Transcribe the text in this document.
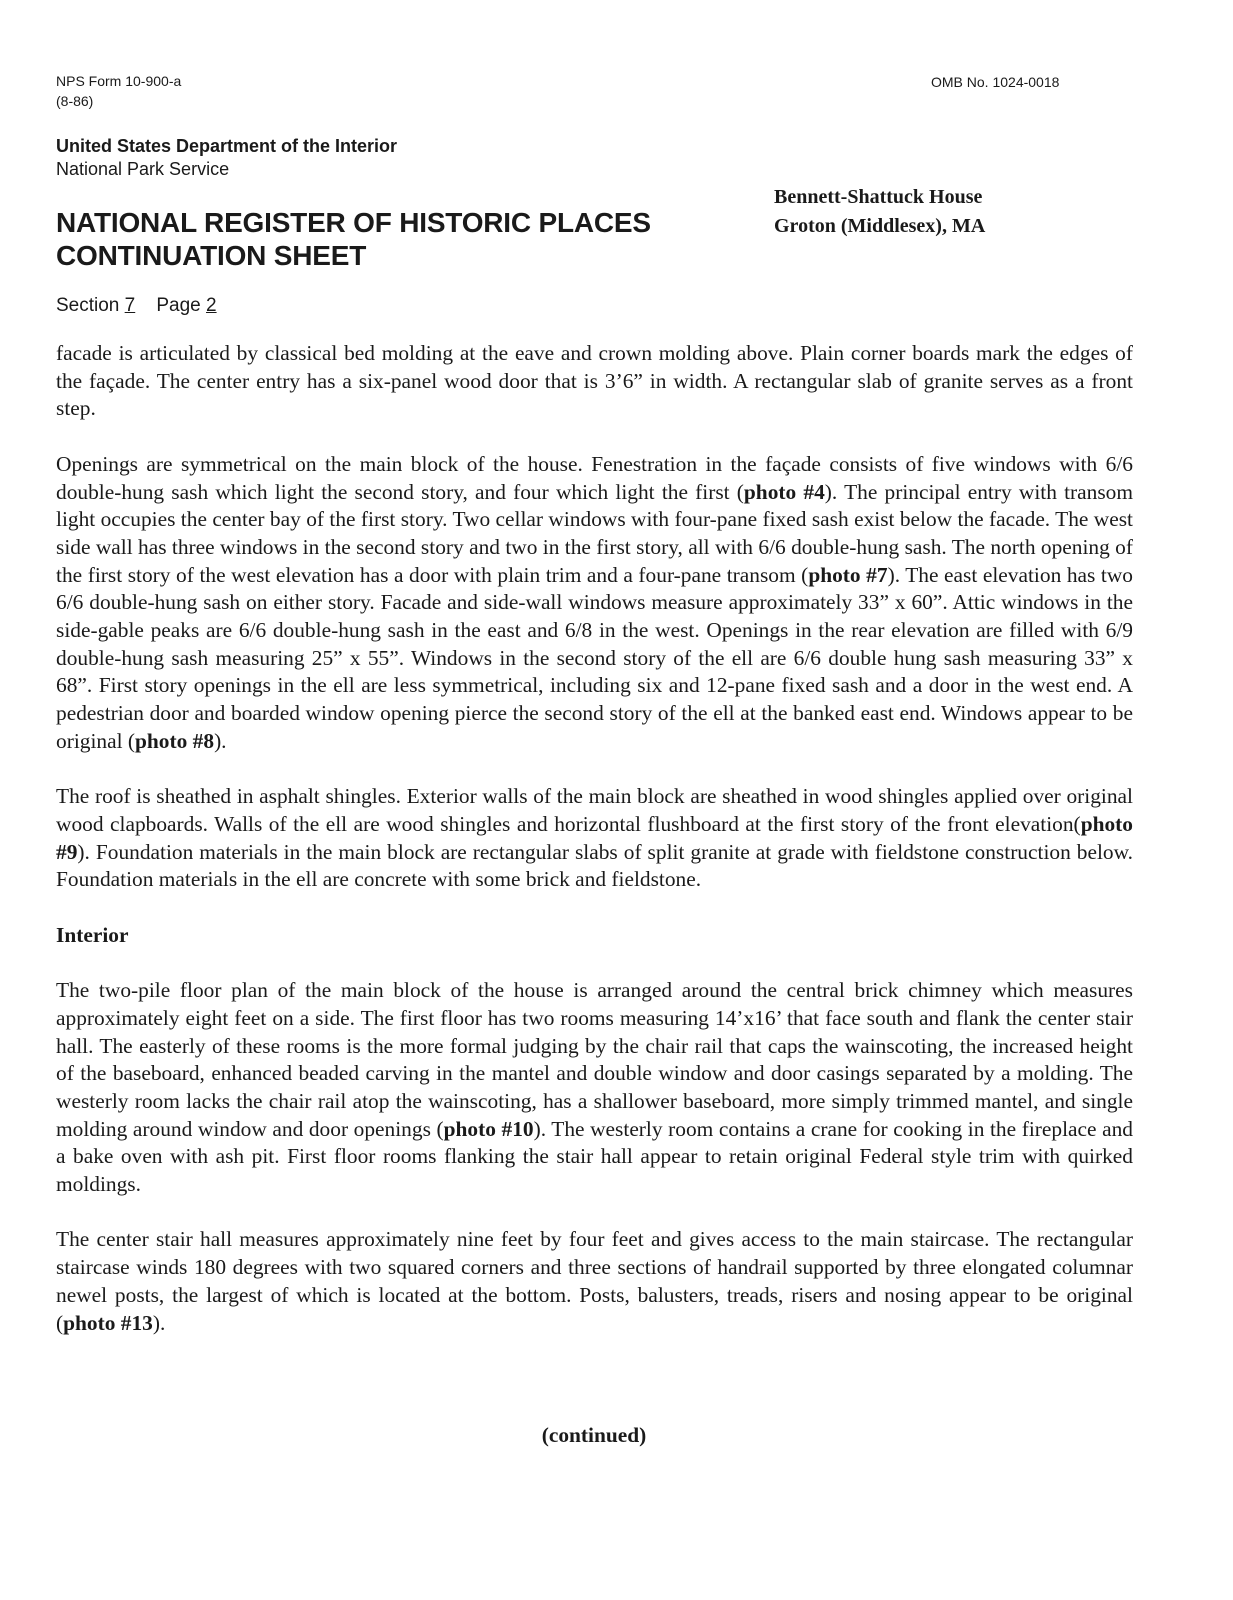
NPS Form 10-900-a
(8-86)
OMB No. 1024-0018
United States Department of the Interior
National Park Service
Bennett-Shattuck House
Groton (Middlesex), MA
NATIONAL REGISTER OF HISTORIC PLACES
CONTINUATION SHEET
Section 7 Page 2

facade is articulated by classical bed molding at the eave and crown molding above. Plain corner boards mark the edges of the façade. The center entry has a six-panel wood door that is 3’6” in width. A rectangular slab of granite serves as a front step.

Openings are symmetrical on the main block of the house. Fenestration in the façade consists of five windows with 6/6 double-hung sash which light the second story, and four which light the first (photo #4). The principal entry with transom light occupies the center bay of the first story. Two cellar windows with four-pane fixed sash exist below the facade. The west side wall has three windows in the second story and two in the first story, all with 6/6 double-hung sash. The north opening of the first story of the west elevation has a door with plain trim and a four-pane transom (photo #7). The east elevation has two 6/6 double-hung sash on either story. Facade and side-wall windows measure approximately 33” x 60”. Attic windows in the side-gable peaks are 6/6 double-hung sash in the east and 6/8 in the west. Openings in the rear elevation are filled with 6/9 double-hung sash measuring 25” x 55”. Windows in the second story of the ell are 6/6 double hung sash measuring 33” x 68”. First story openings in the ell are less symmetrical, including six and 12-pane fixed sash and a door in the west end. A pedestrian door and boarded window opening pierce the second story of the ell at the banked east end. Windows appear to be original (photo #8).

The roof is sheathed in asphalt shingles. Exterior walls of the main block are sheathed in wood shingles applied over original wood clapboards. Walls of the ell are wood shingles and horizontal flushboard at the first story of the front elevation(photo #9). Foundation materials in the main block are rectangular slabs of split granite at grade with fieldstone construction below. Foundation materials in the ell are concrete with some brick and fieldstone.

Interior

The two-pile floor plan of the main block of the house is arranged around the central brick chimney which measures approximately eight feet on a side. The first floor has two rooms measuring 14’x16’ that face south and flank the center stair hall. The easterly of these rooms is the more formal judging by the chair rail that caps the wainscoting, the increased height of the baseboard, enhanced beaded carving in the mantel and double window and door casings separated by a molding. The westerly room lacks the chair rail atop the wainscoting, has a shallower baseboard, more simply trimmed mantel, and single molding around window and door openings (photo #10). The westerly room contains a crane for cooking in the fireplace and a bake oven with ash pit. First floor rooms flanking the stair hall appear to retain original Federal style trim with quirked moldings.

The center stair hall measures approximately nine feet by four feet and gives access to the main staircase. The rectangular staircase winds 180 degrees with two squared corners and three sections of handrail supported by three elongated columnar newel posts, the largest of which is located at the bottom. Posts, balusters, treads, risers and nosing appear to be original (photo #13).

(continued)
